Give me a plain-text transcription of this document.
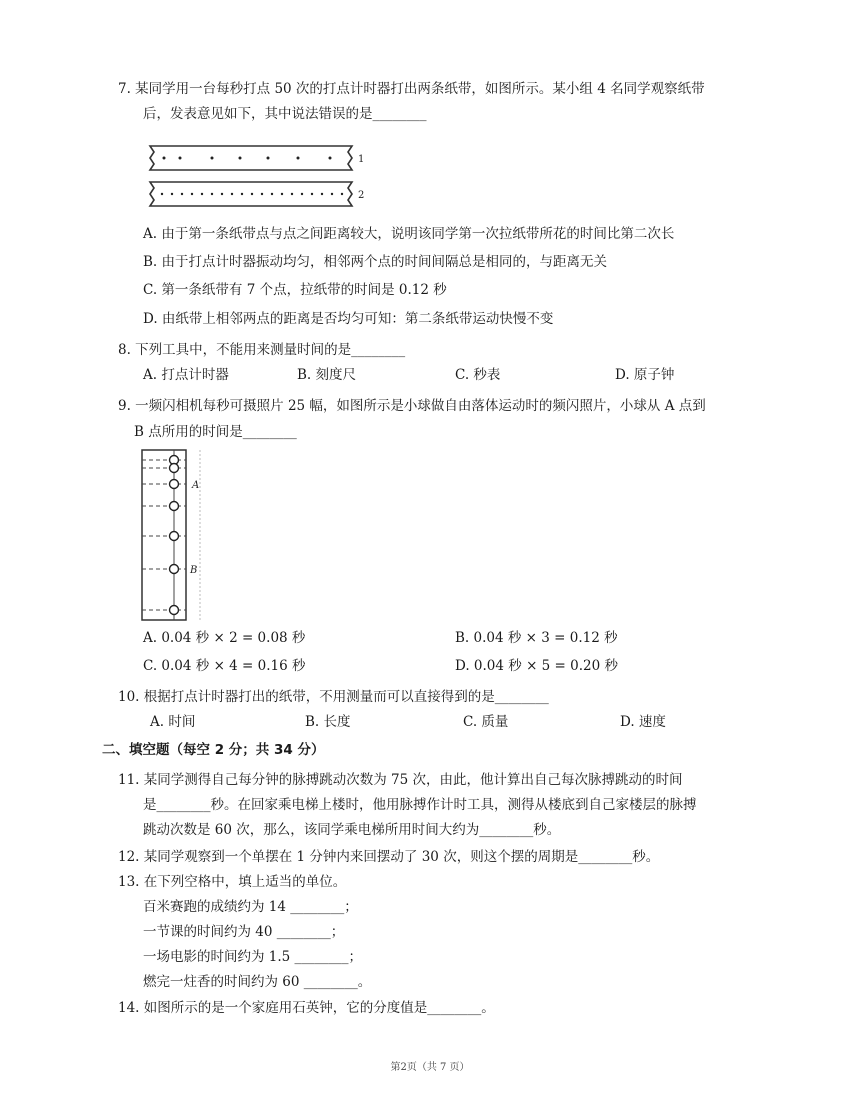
7. 某同学用一台每秒打点 50 次的打点计时器打出两条纸带，如图所示。某小组 4 名同学观察纸带
后，发表意见如下，其中说法错误的是________
1
2
A. 由于第一条纸带点与点之间距离较大，说明该同学第一次拉纸带所花的时间比第二次长
B. 由于打点计时器振动均匀，相邻两个点的时间间隔总是相同的，与距离无关
C. 第一条纸带有 7 个点，拉纸带的时间是 0.12 秒
D. 由纸带上相邻两点的距离是否均匀可知：第二条纸带运动快慢不变
8. 下列工具中，不能用来测量时间的是________
A. 打点计时器	B. 刻度尺	C. 秒表	D. 原子钟
9. 一频闪相机每秒可摄照片 25 幅，如图所示是小球做自由落体运动时的频闪照片，小球从 A 点到
B 点所用的时间是________
A
B
A. 0.04 秒 × 2 = 0.08 秒	B. 0.04 秒 × 3 = 0.12 秒
C. 0.04 秒 × 4 = 0.16 秒	D. 0.04 秒 × 5 = 0.20 秒
10. 根据打点计时器打出的纸带，不用测量而可以直接得到的是________
A. 时间	B. 长度	C. 质量	D. 速度
二、填空题（每空 2 分；共 34 分）
11. 某同学测得自己每分钟的脉搏跳动次数为 75 次，由此，他计算出自己每次脉搏跳动的时间
是________秒。在回家乘电梯上楼时，他用脉搏作计时工具，测得从楼底到自己家楼层的脉搏
跳动次数是 60 次，那么，该同学乘电梯所用时间大约为________秒。
12. 某同学观察到一个单摆在 1 分钟内来回摆动了 30 次，则这个摆的周期是________秒。
13. 在下列空格中，填上适当的单位。
百米赛跑的成绩约为 14 ________；
一节课的时间约为 40 ________；
一场电影的时间约为 1.5 ________；
燃完一炷香的时间约为 60 ________。
14. 如图所示的是一个家庭用石英钟，它的分度值是________。
第2页（共 7 页）
